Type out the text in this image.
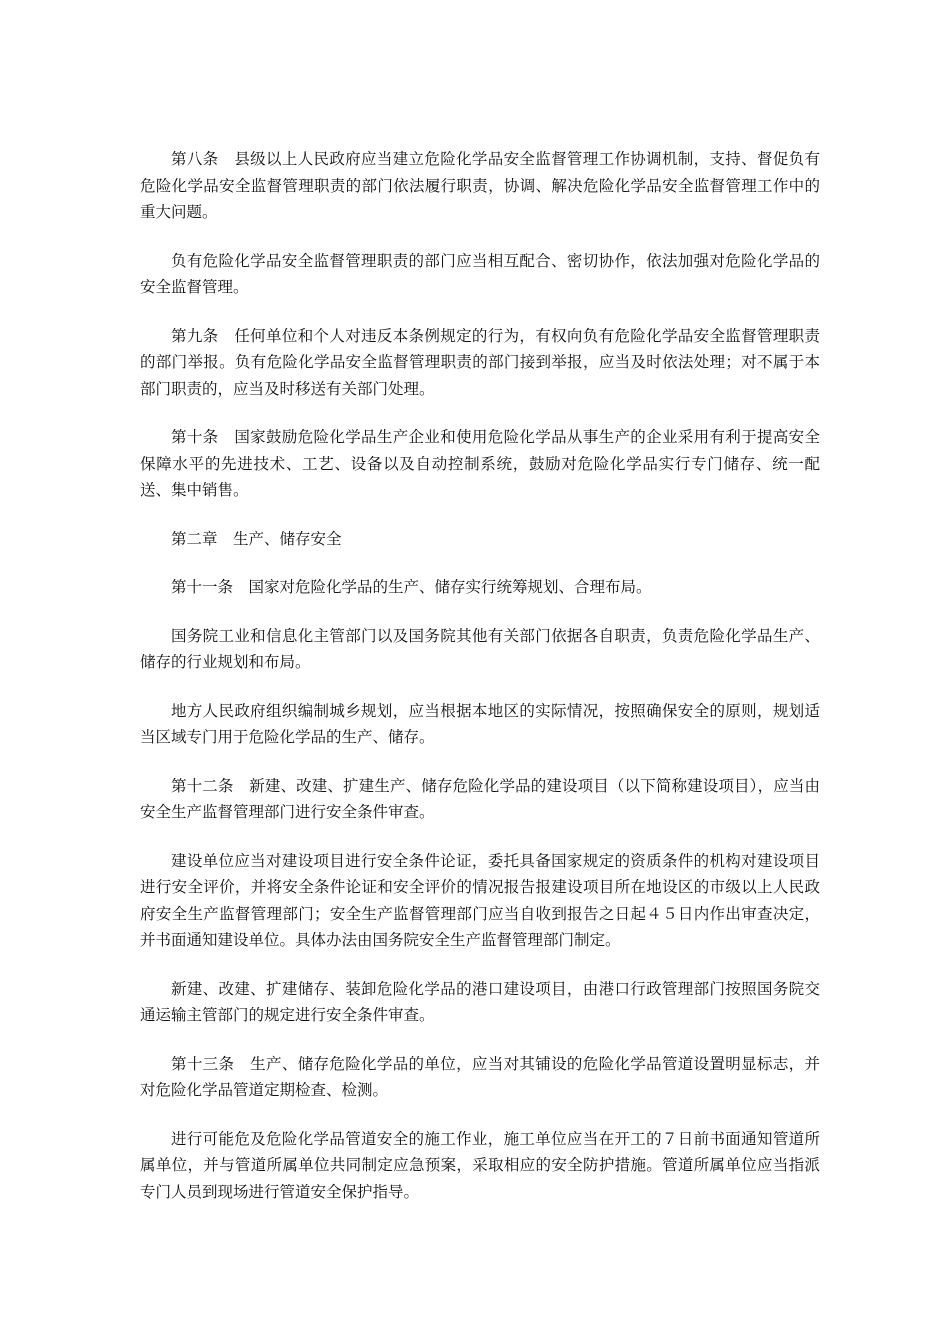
第八条　县级以上人民政府应当建立危险化学品安全监督管理工作协调机制，支持、督促负有危险化学品安全监督管理职责的部门依法履行职责，协调、解决危险化学品安全监督管理工作中的重大问题。

负有危险化学品安全监督管理职责的部门应当相互配合、密切协作，依法加强对危险化学品的安全监督管理。

第九条　任何单位和个人对违反本条例规定的行为，有权向负有危险化学品安全监督管理职责的部门举报。负有危险化学品安全监督管理职责的部门接到举报，应当及时依法处理；对不属于本部门职责的，应当及时移送有关部门处理。

第十条　国家鼓励危险化学品生产企业和使用危险化学品从事生产的企业采用有利于提高安全保障水平的先进技术、工艺、设备以及自动控制系统，鼓励对危险化学品实行专门储存、统一配送、集中销售。

第二章　生产、储存安全

第十一条　国家对危险化学品的生产、储存实行统筹规划、合理布局。

国务院工业和信息化主管部门以及国务院其他有关部门依据各自职责，负责危险化学品生产、储存的行业规划和布局。

地方人民政府组织编制城乡规划，应当根据本地区的实际情况，按照确保安全的原则，规划适当区域专门用于危险化学品的生产、储存。

第十二条　新建、改建、扩建生产、储存危险化学品的建设项目（以下简称建设项目），应当由安全生产监督管理部门进行安全条件审查。

建设单位应当对建设项目进行安全条件论证，委托具备国家规定的资质条件的机构对建设项目进行安全评价，并将安全条件论证和安全评价的情况报告报建设项目所在地设区的市级以上人民政府安全生产监督管理部门；安全生产监督管理部门应当自收到报告之日起４５日内作出审查决定，并书面通知建设单位。具体办法由国务院安全生产监督管理部门制定。

新建、改建、扩建储存、装卸危险化学品的港口建设项目，由港口行政管理部门按照国务院交通运输主管部门的规定进行安全条件审查。

第十三条　生产、储存危险化学品的单位，应当对其铺设的危险化学品管道设置明显标志，并对危险化学品管道定期检查、检测。

进行可能危及危险化学品管道安全的施工作业，施工单位应当在开工的７日前书面通知管道所属单位，并与管道所属单位共同制定应急预案，采取相应的安全防护措施。管道所属单位应当指派专门人员到现场进行管道安全保护指导。
